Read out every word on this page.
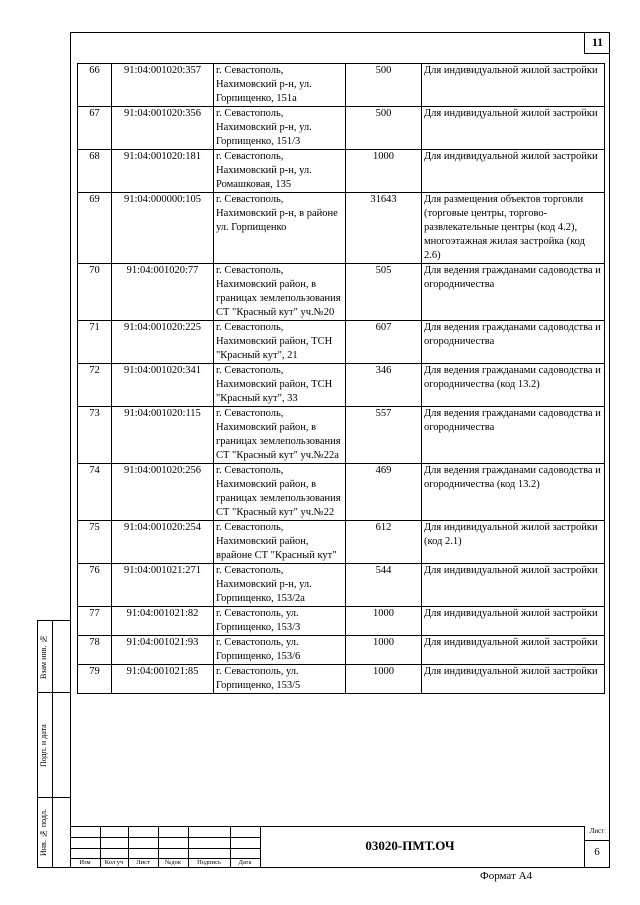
11
66	91:04:001020:357	г. Севастополь, Нахимовский р-н, ул. Горпищенко, 151а	500	Для индивидуальной жилой застройки
67	91:04:001020:356	г. Севастополь, Нахимовский р-н, ул. Горпищенко, 151/3	500	Для индивидуальной жилой застройки
68	91:04:001020:181	г. Севастополь, Нахимовский р-н, ул. Ромашковая, 135	1000	Для индивидуальной жилой застройки
69	91:04:000000:105	г. Севастополь, Нахимовский р-н, в районе ул. Горпищенко	31643	Для размещения объектов торговли (торговые центры, торгово-развлекательные центры (код 4.2), многоэтажная жилая застройка (код 2.6)
70	91:04:001020:77	г. Севастополь, Нахимовский район, в границах землепользования СТ "Красный кут" уч.№20	505	Для ведения гражданами садоводства и огородничества
71	91:04:001020:225	г. Севастополь, Нахимовский район, ТСН "Красный кут", 21	607	Для ведения гражданами садоводства и огородничества
72	91:04:001020:341	г. Севастополь, Нахимовский район, ТСН "Красный кут", 33	346	Для ведения гражданами садоводства и огородничества (код 13.2)
73	91:04:001020:115	г. Севастополь, Нахимовский район, в границах землепользования СТ "Красный кут" уч.№22а	557	Для ведения гражданами садоводства и огородничества
74	91:04:001020:256	г. Севастополь, Нахимовский район, в границах землепользования СТ "Красный кут" уч.№22	469	Для ведения гражданами садоводства и огородничества (код 13.2)
75	91:04:001020:254	г. Севастополь, Нахимовский район, врайоне СТ "Красный кут"	612	Для индивидуальной жилой застройки (код 2.1)
76	91:04:001021:271	г. Севастополь, Нахимовский р-н, ул. Горпищенко, 153/2а	544	Для индивидуальной жилой застройки
77	91:04:001021:82	г. Севастополь, ул. Горпищенко, 153/3	1000	Для индивидуальной жилой застройки
78	91:04:001021:93	г. Севастополь, ул. Горпищенко, 153/6	1000	Для индивидуальной жилой застройки
79	91:04:001021:85	г. Севастополь, ул. Горпищенко, 153/5	1000	Для индивидуальной жилой застройки
Взам инв. №
Подп. и дата
Инв. № подл.
Изм	Кол уч	Лист	№док	Подпись	Дата
03020-ПМТ.ОЧ
Лист
6
Формат А4
